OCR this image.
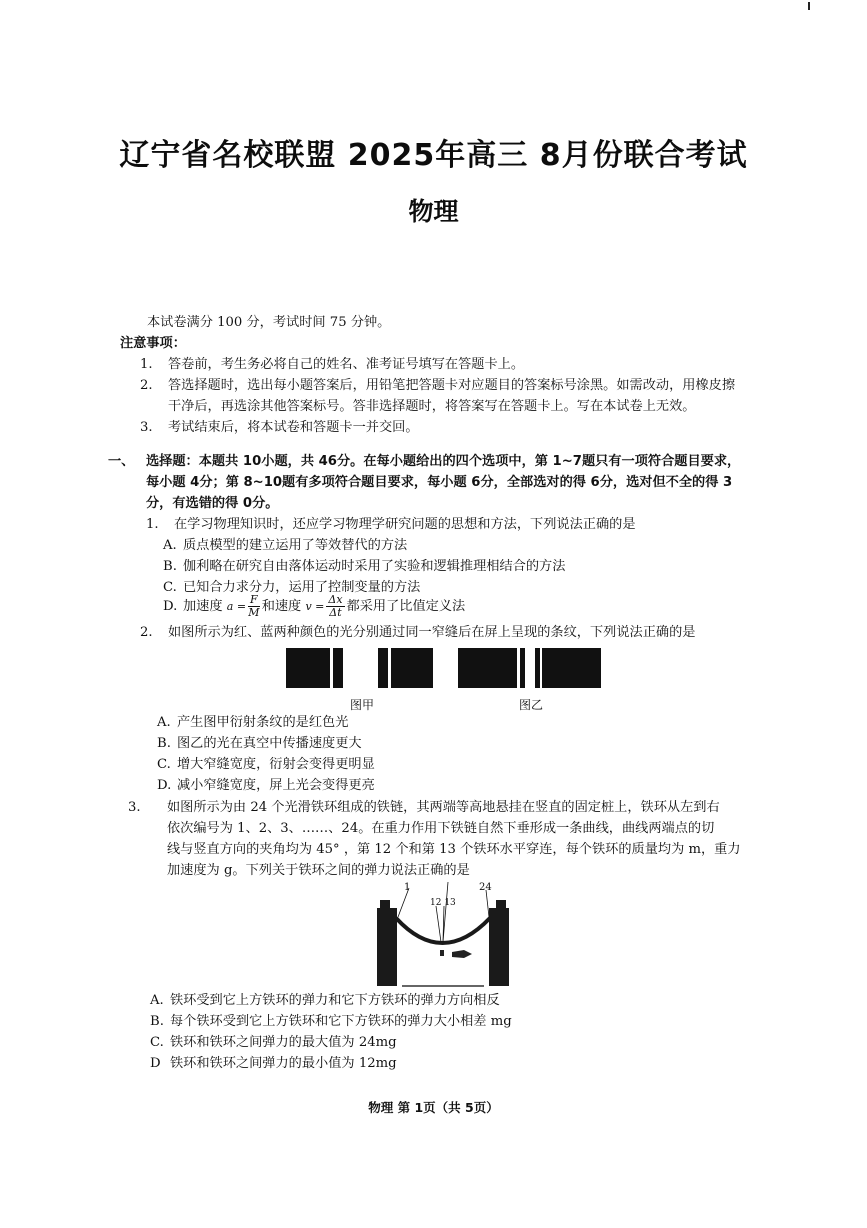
辽宁省名校联盟 2025年高三 8月份联合考试
物理
本试卷满分 100 分，考试时间 75 分钟。
注意事项：
1. 答卷前，考生务必将自己的姓名、准考证号填写在答题卡上。
2. 答选择题时，选出每小题答案后，用铅笔把答题卡对应题目的答案标号涂黑。如需改动，用橡皮擦
干净后，再选涂其他答案标号。答非选择题时，将答案写在答题卡上。写在本试卷上无效。
3. 考试结束后，将本试卷和答题卡一并交回。
一、 选择题：本题共 10小题，共 46分。在每小题给出的四个选项中，第 1~7题只有一项符合题目要求，
每小题 4分；第 8~10题有多项符合题目要求，每小题 6分，全部选对的得 6分，选对但不全的得 3
分，有选错的得 0分。
1. 在学习物理知识时，还应学习物理学研究问题的思想和方法，下列说法正确的是
A. 质点模型的建立运用了等效替代的方法
B. 伽利略在研究自由落体运动时采用了实验和逻辑推理相结合的方法
C. 已知合力求分力，运用了控制变量的方法
D. 加速度 $a = \frac{F}{M}$ 和速度 $v = \frac{\Delta x}{\Delta t}$ 都采用了比值定义法
2. 如图所示为红、蓝两种颜色的光分别通过同一窄缝后在屏上呈现的条纹，下列说法正确的是
图甲	图乙
A. 产生图甲衍射条纹的是红色光
B. 图乙的光在真空中传播速度更大
C. 增大窄缝宽度，衍射会变得更明显
D. 减小窄缝宽度，屏上光会变得更亮
3. 如图所示为由 24 个光滑铁环组成的铁链，其两端等高地悬挂在竖直的固定桩上，铁环从左到右
依次编号为 1、2、3、……、24。在重力作用下铁链自然下垂形成一条曲线，曲线两端点的切
线与竖直方向的夹角均为 45° ，第 12 个和第 13 个铁环水平穿连，每个铁环的质量均为 m，重力
加速度为 g。下列关于铁环之间的弹力说法正确的是
1	24
12 13
A. 铁环受到它上方铁环的弹力和它下方铁环的弹力方向相反
B. 每个铁环受到它上方铁环和它下方铁环的弹力大小相差 mg
C. 铁环和铁环之间弹力的最大值为 24mg
D 铁环和铁环之间弹力的最小值为 12mg
物理 第 1页（共 5页）
